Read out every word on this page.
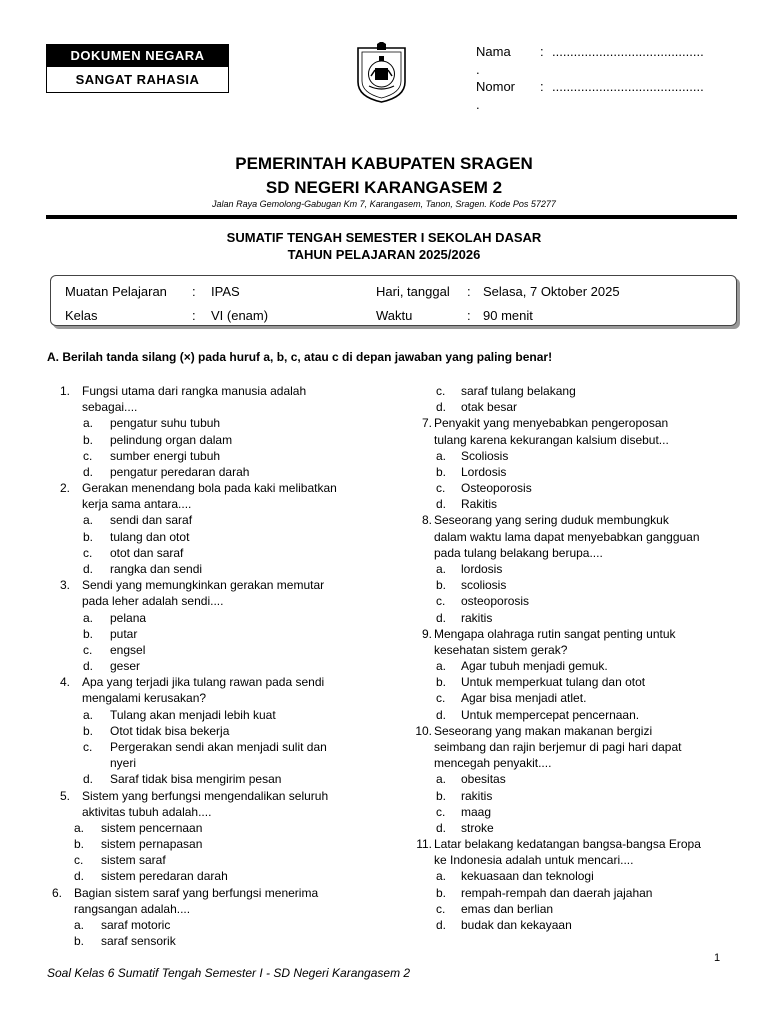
DOKUMEN NEGARA
SANGAT RAHASIA
Nama : ..........................................
.
Nomor : ..........................................
.
PEMERINTAH KABUPATEN SRAGEN
SD NEGERI KARANGASEM 2
Jalan Raya Gemolong-Gabugan Km 7, Karangasem, Tanon, Sragen. Kode Pos 57277
SUMATIF TENGAH SEMESTER I SEKOLAH DASAR
TAHUN PELAJARAN 2025/2026
Muatan Pelajaran : IPAS	Hari, tanggal : Selasa, 7 Oktober 2025
Kelas	: VI (enam)	Waktu	: 90 menit
A. Berilah tanda silang (×) pada huruf a, b, c, atau c di depan jawaban yang paling benar!
1. Fungsi utama dari rangka manusia adalah
sebagai....
a.	pengatur suhu tubuh
b.	pelindung organ dalam
c.	sumber energi tubuh
d.	pengatur peredaran darah
2. Gerakan menendang bola pada kaki melibatkan
kerja sama antara....
a.	sendi dan saraf
b.	tulang dan otot
c.	otot dan saraf
d.	rangka dan sendi
3. Sendi yang memungkinkan gerakan memutar
pada leher adalah sendi....
a.	pelana
b.	putar
c.	engsel
d.	geser
4. Apa yang terjadi jika tulang rawan pada sendi
mengalami kerusakan?
a.	Tulang akan menjadi lebih kuat
b.	Otot tidak bisa bekerja
c.	Pergerakan sendi akan menjadi sulit dan
nyeri
d.	Saraf tidak bisa mengirim pesan
5. Sistem yang berfungsi mengendalikan seluruh
aktivitas tubuh adalah....
a.	sistem pencernaan
b.	sistem pernapasan
c.	sistem saraf
d.	sistem peredaran darah
6. Bagian sistem saraf yang berfungsi menerima
rangsangan adalah....
a.	saraf motoric
b.	saraf sensorik
c.	saraf tulang belakang
d.	otak besar
7. Penyakit yang menyebabkan pengeroposan
tulang karena kekurangan kalsium disebut...
a.	Scoliosis
b.	Lordosis
c.	Osteoporosis
d.	Rakitis
8. Seseorang yang sering duduk membungkuk
dalam waktu lama dapat menyebabkan gangguan
pada tulang belakang berupa....
a.	lordosis
b.	scoliosis
c.	osteoporosis
d.	rakitis
9. Mengapa olahraga rutin sangat penting untuk
kesehatan sistem gerak?
a.	Agar tubuh menjadi gemuk.
b.	Untuk memperkuat tulang dan otot
c.	Agar bisa menjadi atlet.
d.	Untuk mempercepat pencernaan.
10. Seseorang yang makan makanan bergizi
seimbang dan rajin berjemur di pagi hari dapat
mencegah penyakit....
a.	obesitas
b.	rakitis
c.	maag
d.	stroke
11. Latar belakang kedatangan bangsa-bangsa Eropa
ke Indonesia adalah untuk mencari....
a.	kekuasaan dan teknologi
b.	rempah-rempah dan daerah jajahan
c.	emas dan berlian
d.	budak dan kekayaan
1
Soal Kelas 6 Sumatif Tengah Semester I - SD Negeri Karangasem 2
